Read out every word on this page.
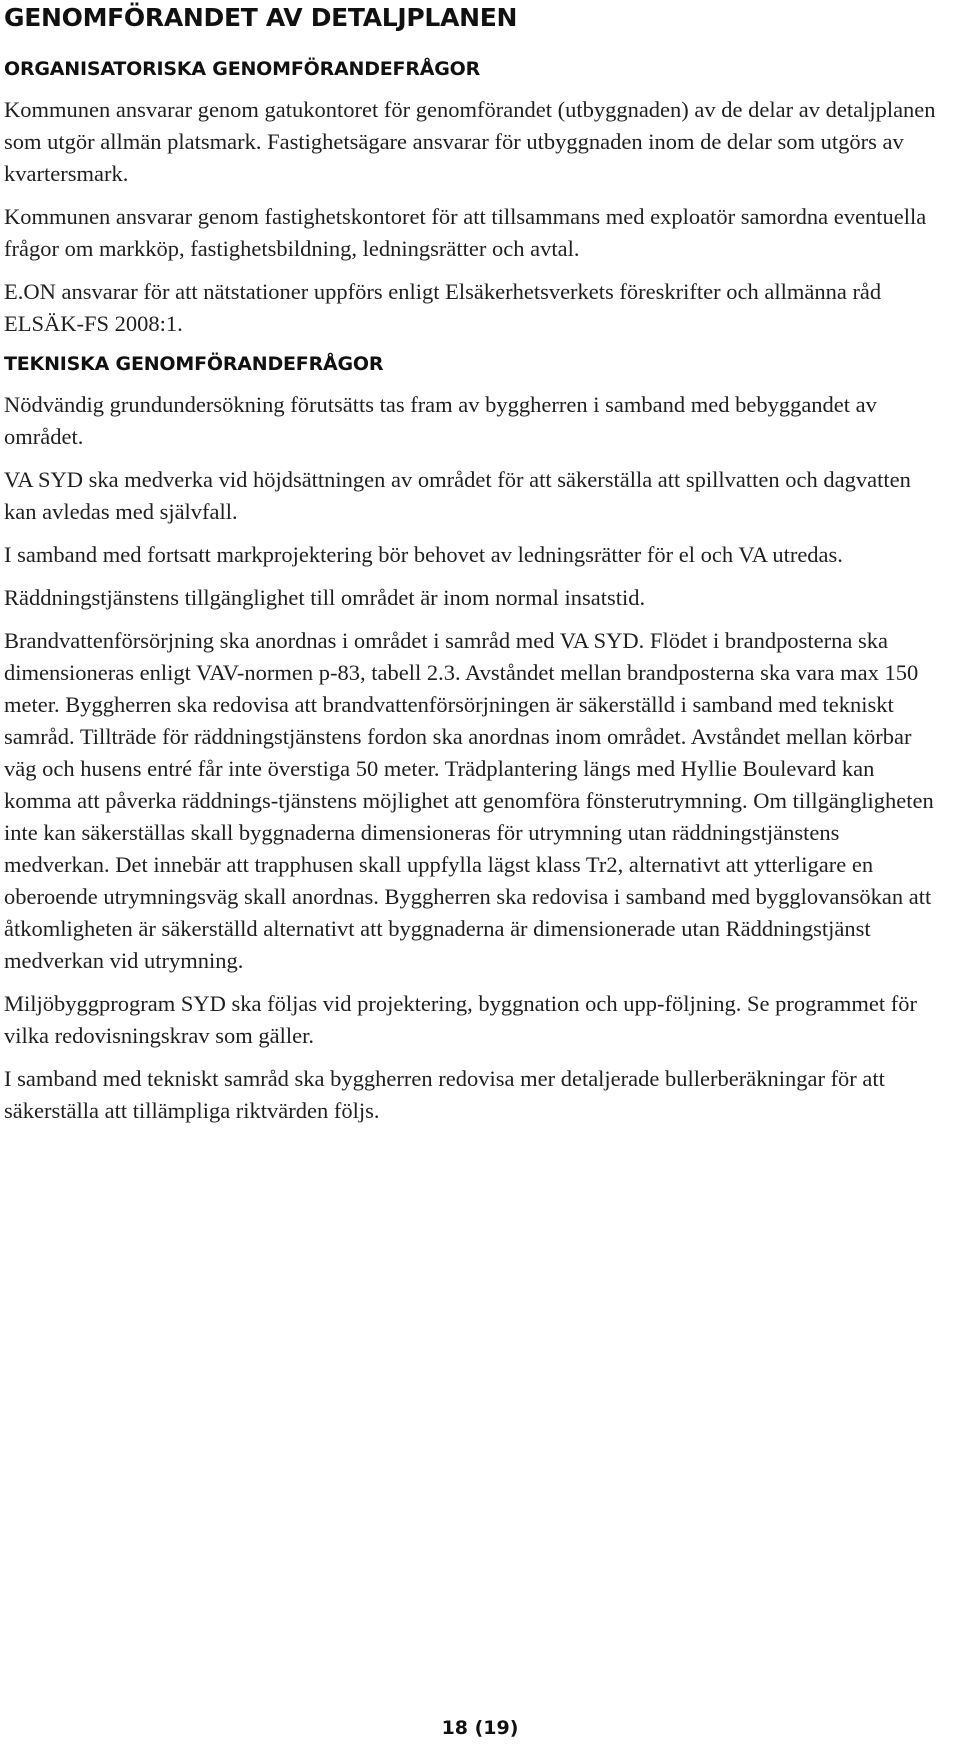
GENOMFÖRANDET AV DETALJPLANEN
ORGANISATORISKA GENOMFÖRANDEFRÅGOR

Kommunen ansvarar genom gatukontoret för genomförandet (utbyggnaden) av de delar av detaljplanen som utgör allmän platsmark. Fastighetsägare ansvarar för utbyggnaden inom de delar som utgörs av kvartersmark.

Kommunen ansvarar genom fastighetskontoret för att tillsammans med exploatör samordna eventuella frågor om markköp, fastighetsbildning, ledningsrätter och avtal.

E.ON ansvarar för att nätstationer uppförs enligt Elsäkerhetsverkets föreskrifter och allmänna råd ELSÄK-FS 2008:1.

TEKNISKA GENOMFÖRANDEFRÅGOR

Nödvändig grundundersökning förutsätts tas fram av byggherren i samband med bebyggandet av området.

VA SYD ska medverka vid höjdsättningen av området för att säkerställa att spillvatten och dagvatten kan avledas med självfall.

I samband med fortsatt markprojektering bör behovet av ledningsrätter för el och VA utredas.

Räddningstjänstens tillgänglighet till området är inom normal insatstid.

Brandvattenförsörjning ska anordnas i området i samråd med VA SYD. Flödet i brandposterna ska dimensioneras enligt VAV-normen p-83, tabell 2.3. Avståndet mellan brandposterna ska vara max 150 meter. Byggherren ska redovisa att brandvattenförsörjningen är säkerställd i samband med tekniskt samråd. Tillträde för räddningstjänstens fordon ska anordnas inom området. Avståndet mellan körbar väg och husens entré får inte överstiga 50 meter. Trädplantering längs med Hyllie Boulevard kan komma att påverka räddnings-tjänstens möjlighet att genomföra fönsterutrymning. Om tillgängligheten inte kan säkerställas skall byggnaderna dimensioneras för utrymning utan räddningstjänstens medverkan. Det innebär att trapphusen skall uppfylla lägst klass Tr2, alternativt att ytterligare en oberoende utrymningsväg skall anordnas. Byggherren ska redovisa i samband med bygglovansökan att åtkomligheten är säkerställd alternativt att byggnaderna är dimensionerade utan Räddningstjänst medverkan vid utrymning.

Miljöbyggprogram SYD ska följas vid projektering, byggnation och upp-följning. Se programmet för vilka redovisningskrav som gäller.

I samband med tekniskt samråd ska byggherren redovisa mer detaljerade bullerberäkningar för att säkerställa att tillämpliga riktvärden följs.

18 (19)
